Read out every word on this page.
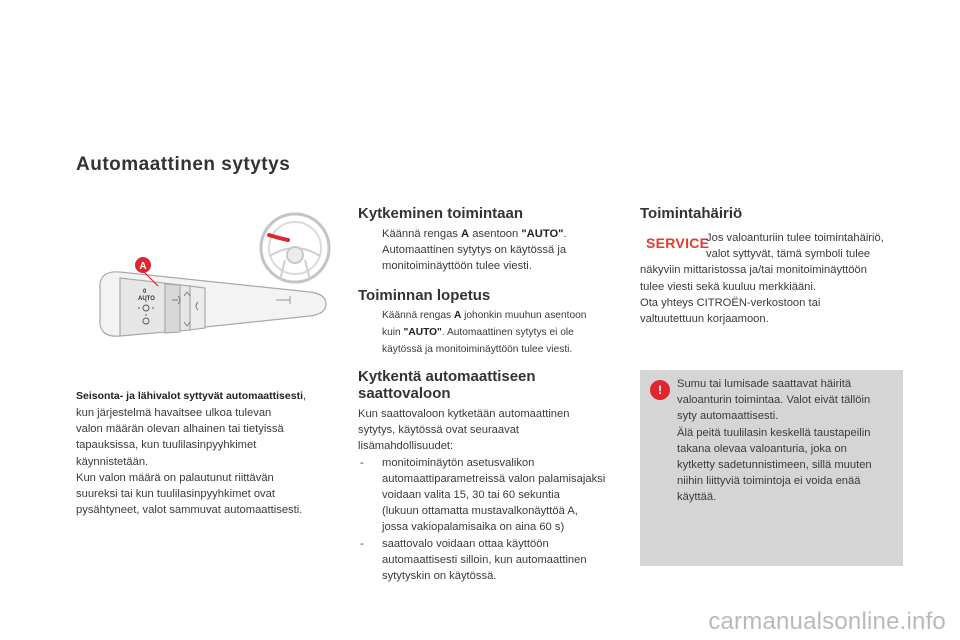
Automaattinen sytytys
0
AUTO
A
Seisonta- ja lähivalot syttyvät automaattisesti,
kun järjestelmä havaitsee ulkoa tulevan
valon määrän olevan alhainen tai tietyissä
tapauksissa, kun tuulilasinpyyhkimet
käynnistetään.
Kun valon määrä on palautunut riittävän
suureksi tai kun tuulilasinpyyhkimet ovat
pysähtyneet, valot sammuvat automaattisesti.
Kytkeminen toimintaan
Käännä rengas A asentoon "AUTO".
Automaattinen sytytys on käytössä ja
monitoiminäyttöön tulee viesti.
Toiminnan lopetus
Käännä rengas A johonkin muuhun asentoon
kuin "AUTO". Automaattinen sytytys ei ole
käytössä ja monitoiminäyttöön tulee viesti.
Kytkentä automaattiseen
saattovaloon
Kun saattovaloon kytketään automaattinen
sytytys, käytössä ovat seuraavat
lisämahdollisuudet:
- monitoiminäytön asetusvalikon
automaattiparametreissä valon palamisajaksi
voidaan valita 15, 30 tai 60 sekuntia
(lukuun ottamatta mustavalkonäyttöä A,
jossa vakiopalamisaika on aina 60 s)
- saattovalo voidaan ottaa käyttöön
automaattisesti silloin, kun automaattinen
sytytyskin on käytössä.
Toimintahäiriö
SERVICE
Jos valoanturiin tulee toimintahäiriö,
valot syttyvät, tämä symboli tulee
näkyviin mittaristossa ja/tai monitoiminäyttöön
tulee viesti sekä kuuluu merkkiääni.
Ota yhteys CITROËN-verkostoon tai
valtuutettuun korjaamoon.
!	Sumu tai lumisade saattavat häiritä
valoanturin toimintaa. Valot eivät tällöin
syty automaattisesti.
Älä peitä tuulilasin keskellä taustapeilin
takana olevaa valoanturia, joka on
kytketty sadetunnistimeen, sillä muuten
niihin liittyviä toimintoja ei voida enää
käyttää.
carmanualsonline.info
